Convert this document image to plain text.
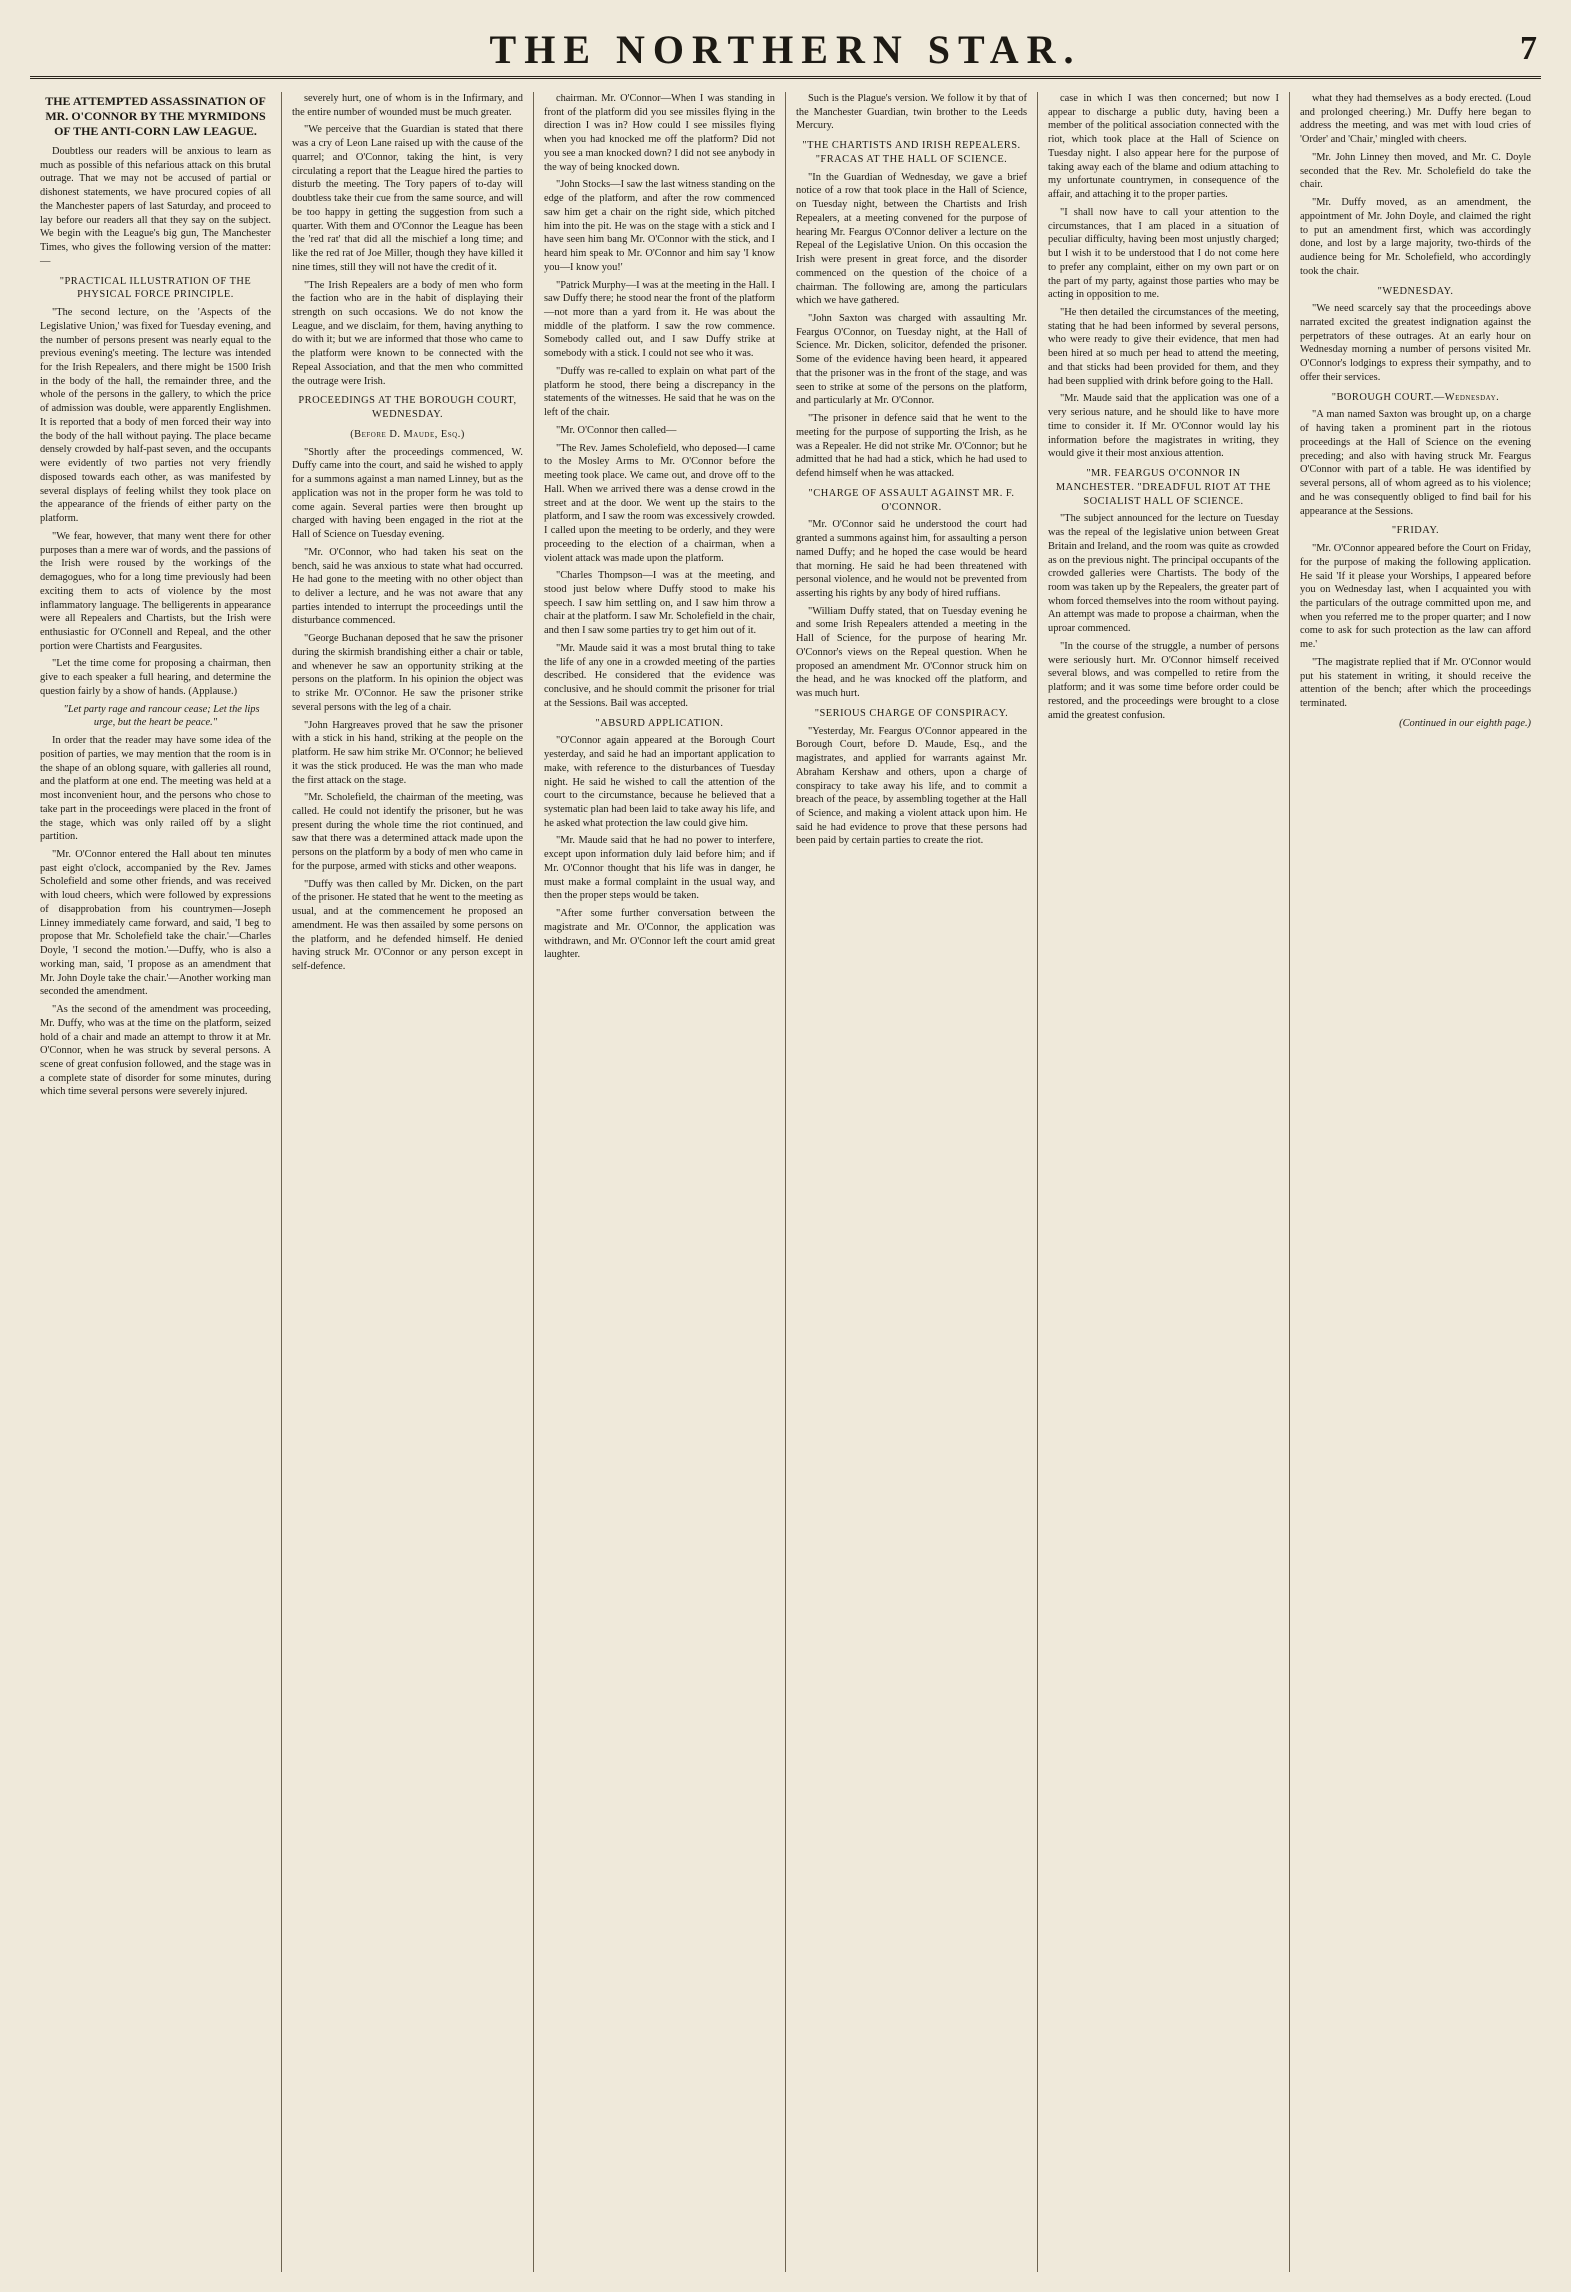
THE NORTHERN STAR.	7
THE ATTEMPTED ASSASSINATION OF MR. O'CONNOR BY THE MYRMIDONS OF THE ANTI-CORN LAW LEAGUE.

Doubtless our readers will be anxious to learn as much as possible of this nefarious attack on this brutal outrage. That we may not be accused of partial or dishonest statements, we have procured copies of all the Manchester papers of last Saturday, and proceed to lay before our readers all that they say on the subject. We begin with the League's big gun, The Manchester Times, who gives the following version of the matter:—

"PRACTICAL ILLUSTRATION OF THE PHYSICAL FORCE PRINCIPLE.

"The second lecture, on the 'Aspects of the Legislative Union,' was fixed for Tuesday evening, and the number of persons present was nearly equal to the previous evening's meeting. The lecture was intended for the Irish Repealers, and there might be 1500 Irish in the body of the hall, the remainder three, and the whole of the persons in the gallery, to which the price of admission was double, were apparently Englishmen. It is reported that a body of men forced their way into the body of the hall without paying. The place became densely crowded by half-past seven, and the occupants were evidently of two parties not very friendly disposed towards each other, as was manifested by several displays of feeling whilst they took place on the appearance of the friends of either party on the platform.

"We fear, however, that many went there for other purposes than a mere war of words, and the passions of the Irish were roused by the workings of the demagogues, who for a long time previously had been exciting them to acts of violence by the most inflammatory language. The belligerents in appearance were all Repealers and Chartists, but the Irish were enthusiastic for O'Connell and Repeal, and the other portion were Chartists and Feargusites.

"Let the time come for proposing a chairman, then give to each speaker a full hearing, and determine the question fairly by a show of hands. (Applause.)

"Let party rage and rancour cease; Let the lips urge, but the heart be peace."

In order that the reader may have some idea of the position of parties, we may mention that the room is in the shape of an oblong square, with galleries all round, and the platform at one end. The meeting was held at a most inconvenient hour, and the persons who chose to take part in the proceedings were placed in the front of the stage, which was only railed off by a slight partition.

"Mr. O'Connor entered the Hall about ten minutes past eight o'clock, accompanied by the Rev. James Scholefield and some other friends, and was received with loud cheers, which were followed by expressions of disapprobation from his countrymen—Joseph Linney immediately came forward, and said, 'I beg to propose that Mr. Scholefield take the chair.'—Charles Doyle, 'I second the motion.'—Duffy, who is also a working man, said, 'I propose as an amendment that Mr. John Doyle take the chair.'—Another working man seconded the amendment.

"As the second of the amendment was proceeding, Mr. Duffy, who was at the time on the platform, seized hold of a chair and made an attempt to throw it at Mr. O'Connor, when he was struck by several persons. A scene of great confusion followed, and the stage was in a complete state of disorder for some minutes, during which time several persons were severely injured.

severely hurt, one of whom is in the Infirmary, and the entire number of wounded must be much greater.

"We perceive that the Guardian is stated that there was a cry of Leon Lane raised up with the cause of the quarrel; and O'Connor, taking the hint, is very circulating a report that the League hired the parties to disturb the meeting. The Tory papers of to-day will doubtless take their cue from the same source, and will be too happy in getting the suggestion from such a quarter. With them and O'Connor the League has been the 'red rat' that did all the mischief a long time; and like the red rat of Joe Miller, though they have killed it nine times, still they will not have the credit of it.

"The Irish Repealers are a body of men who form the faction who are in the habit of displaying their strength on such occasions. We do not know the League, and we disclaim, for them, having anything to do with it; but we are informed that those who came to the platform were known to be connected with the Repeal Association, and that the men who committed the outrage were Irish.

PROCEEDINGS AT THE BOROUGH COURT, WEDNESDAY.
(Before D. Maude, Esq.)

"Shortly after the proceedings commenced, W. Duffy came into the court, and said he wished to apply for a summons against a man named Linney, but as the application was not in the proper form he was told to come again. Several parties were then brought up charged with having been engaged in the riot at the Hall of Science on Tuesday evening.

"Mr. O'Connor, who had taken his seat on the bench, said he was anxious to state what had occurred. He had gone to the meeting with no other object than to deliver a lecture, and he was not aware that any parties intended to interrupt the proceedings until the disturbance commenced.

"George Buchanan deposed that he saw the prisoner during the skirmish brandishing either a chair or table, and whenever he saw an opportunity striking at the persons on the platform. In his opinion the object was to strike Mr. O'Connor. He saw the prisoner strike several persons with the leg of a chair.

"John Hargreaves proved that he saw the prisoner with a stick in his hand, striking at the people on the platform. He saw him strike Mr. O'Connor; he believed it was the stick produced. He was the man who made the first attack on the stage.

"Mr. Scholefield, the chairman of the meeting, was called. He could not identify the prisoner, but he was present during the whole time the riot continued, and saw that there was a determined attack made upon the persons on the platform by a body of men who came in for the purpose, armed with sticks and other weapons.

"Duffy was then called by Mr. Dicken, on the part of the prisoner. He stated that he went to the meeting as usual, and at the commencement he proposed an amendment. He was then assailed by some persons on the platform, and he defended himself. He denied having struck Mr. O'Connor or any person except in self-defence.

chairman. Mr. O'Connor—When I was standing in front of the platform did you see missiles flying in the direction I was in? How could I see missiles flying when you had knocked me off the platform? Did not you see a man knocked down? I did not see anybody in the way of being knocked down.

"John Stocks—I saw the last witness standing on the edge of the platform, and after the row commenced saw him get a chair on the right side, which pitched him into the pit. He was on the stage with a stick and I have seen him bang Mr. O'Connor with the stick, and I heard him speak to Mr. O'Connor and him say 'I know you—I know you!'

"Patrick Murphy—I was at the meeting in the Hall. I saw Duffy there; he stood near the front of the platform—not more than a yard from it. He was about the middle of the platform. I saw the row commence. Somebody called out, and I saw Duffy strike at somebody with a stick. I could not see who it was.

"Duffy was re-called to explain on what part of the platform he stood, there being a discrepancy in the statements of the witnesses. He said that he was on the left of the chair.

"Mr. O'Connor then called—

"The Rev. James Scholefield, who deposed—I came to the Mosley Arms to Mr. O'Connor before the meeting took place. We came out, and drove off to the Hall. When we arrived there was a dense crowd in the street and at the door. We went up the stairs to the platform, and I saw the room was excessively crowded. I called upon the meeting to be orderly, and they were proceeding to the election of a chairman, when a violent attack was made upon the platform.

"Charles Thompson—I was at the meeting, and stood just below where Duffy stood to make his speech. I saw him settling on, and I saw him throw a chair at the platform. I saw Mr. Scholefield in the chair, and then I saw some parties try to get him out of it.

"Mr. Maude said it was a most brutal thing to take the life of any one in a crowded meeting of the parties described. He considered that the evidence was conclusive, and he should commit the prisoner for trial at the Sessions. Bail was accepted.

"ABSURD APPLICATION.

"O'Connor again appeared at the Borough Court yesterday, and said he had an important application to make, with reference to the disturbances of Tuesday night. He said he wished to call the attention of the court to the circumstance, because he believed that a systematic plan had been laid to take away his life, and he asked what protection the law could give him.

"Mr. Maude said that he had no power to interfere, except upon information duly laid before him; and if Mr. O'Connor thought that his life was in danger, he must make a formal complaint in the usual way, and then the proper steps would be taken.

"After some further conversation between the magistrate and Mr. O'Connor, the application was withdrawn, and Mr. O'Connor left the court amid great laughter.

Such is the Plague's version. We follow it by that of the Manchester Guardian, twin brother to the Leeds Mercury.

"THE CHARTISTS AND IRISH REPEALERS. "FRACAS AT THE HALL OF SCIENCE.

"In the Guardian of Wednesday, we gave a brief notice of a row that took place in the Hall of Science, on Tuesday night, between the Chartists and Irish Repealers, at a meeting convened for the purpose of hearing Mr. Feargus O'Connor deliver a lecture on the Repeal of the Legislative Union. On this occasion the Irish were present in great force, and the disorder commenced on the question of the choice of a chairman. The following are, among the particulars which we have gathered.

"John Saxton was charged with assaulting Mr. Feargus O'Connor, on Tuesday night, at the Hall of Science. Mr. Dicken, solicitor, defended the prisoner. Some of the evidence having been heard, it appeared that the prisoner was in the front of the stage, and was seen to strike at some of the persons on the platform, and particularly at Mr. O'Connor.

"The prisoner in defence said that he went to the meeting for the purpose of supporting the Irish, as he was a Repealer. He did not strike Mr. O'Connor; but he admitted that he had had a stick, which he had used to defend himself when he was attacked.

"CHARGE OF ASSAULT AGAINST MR. F. O'CONNOR.

"Mr. O'Connor said he understood the court had granted a summons against him, for assaulting a person named Duffy; and he hoped the case would be heard that morning. He said he had been threatened with personal violence, and he would not be prevented from asserting his rights by any body of hired ruffians.

"William Duffy stated, that on Tuesday evening he and some Irish Repealers attended a meeting in the Hall of Science, for the purpose of hearing Mr. O'Connor's views on the Repeal question. When he proposed an amendment Mr. O'Connor struck him on the head, and he was knocked off the platform, and was much hurt.

"SERIOUS CHARGE OF CONSPIRACY.

"Yesterday, Mr. Feargus O'Connor appeared in the Borough Court, before D. Maude, Esq., and the magistrates, and applied for warrants against Mr. Abraham Kershaw and others, upon a charge of conspiracy to take away his life, and to commit a breach of the peace, by assembling together at the Hall of Science, and making a violent attack upon him. He said he had evidence to prove that these persons had been paid by certain parties to create the riot.

case in which I was then concerned; but now I appear to discharge a public duty, having been a member of the political association connected with the riot, which took place at the Hall of Science on Tuesday night. I also appear here for the purpose of taking away each of the blame and odium attaching to my unfortunate countrymen, in consequence of the affair, and attaching it to the proper parties.

"I shall now have to call your attention to the circumstances, that I am placed in a situation of peculiar difficulty, having been most unjustly charged; but I wish it to be understood that I do not come here to prefer any complaint, either on my own part or on the part of my party, against those parties who may be acting in opposition to me.

"He then detailed the circumstances of the meeting, stating that he had been informed by several persons, who were ready to give their evidence, that men had been hired at so much per head to attend the meeting, and that sticks had been provided for them, and they had been supplied with drink before going to the Hall.

"Mr. Maude said that the application was one of a very serious nature, and he should like to have more time to consider it. If Mr. O'Connor would lay his information before the magistrates in writing, they would give it their most anxious attention.

"MR. FEARGUS O'CONNOR IN MANCHESTER. "DREADFUL RIOT AT THE SOCIALIST HALL OF SCIENCE.

"The subject announced for the lecture on Tuesday was the repeal of the legislative union between Great Britain and Ireland, and the room was quite as crowded as on the previous night. The principal occupants of the crowded galleries were Chartists. The body of the room was taken up by the Repealers, the greater part of whom forced themselves into the room without paying. An attempt was made to propose a chairman, when the uproar commenced.

"In the course of the struggle, a number of persons were seriously hurt. Mr. O'Connor himself received several blows, and was compelled to retire from the platform; and it was some time before order could be restored, and the proceedings were brought to a close amid the greatest confusion.

what they had themselves as a body erected. (Loud and prolonged cheering.) Mr. Duffy here began to address the meeting, and was met with loud cries of 'Order' and 'Chair,' mingled with cheers.

"Mr. John Linney then moved, and Mr. C. Doyle seconded that the Rev. Mr. Scholefield do take the chair.

"Mr. Duffy moved, as an amendment, the appointment of Mr. John Doyle, and claimed the right to put an amendment first, which was accordingly done, and lost by a large majority, two-thirds of the audience being for Mr. Scholefield, who accordingly took the chair.

"WEDNESDAY.

"We need scarcely say that the proceedings above narrated excited the greatest indignation against the perpetrators of these outrages. At an early hour on Wednesday morning a number of persons visited Mr. O'Connor's lodgings to express their sympathy, and to offer their services.

"BOROUGH COURT.—Wednesday.

"A man named Saxton was brought up, on a charge of having taken a prominent part in the riotous proceedings at the Hall of Science on the evening preceding; and also with having struck Mr. Feargus O'Connor with part of a table. He was identified by several persons, all of whom agreed as to his violence; and he was consequently obliged to find bail for his appearance at the Sessions.

"FRIDAY.

"Mr. O'Connor appeared before the Court on Friday, for the purpose of making the following application. He said 'If it please your Worships, I appeared before you on Wednesday last, when I acquainted you with the particulars of the outrage committed upon me, and when you referred me to the proper quarter; and I now come to ask for such protection as the law can afford me.'

"The magistrate replied that if Mr. O'Connor would put his statement in writing, it should receive the attention of the bench; after which the proceedings terminated.

(Continued in our eighth page.)
